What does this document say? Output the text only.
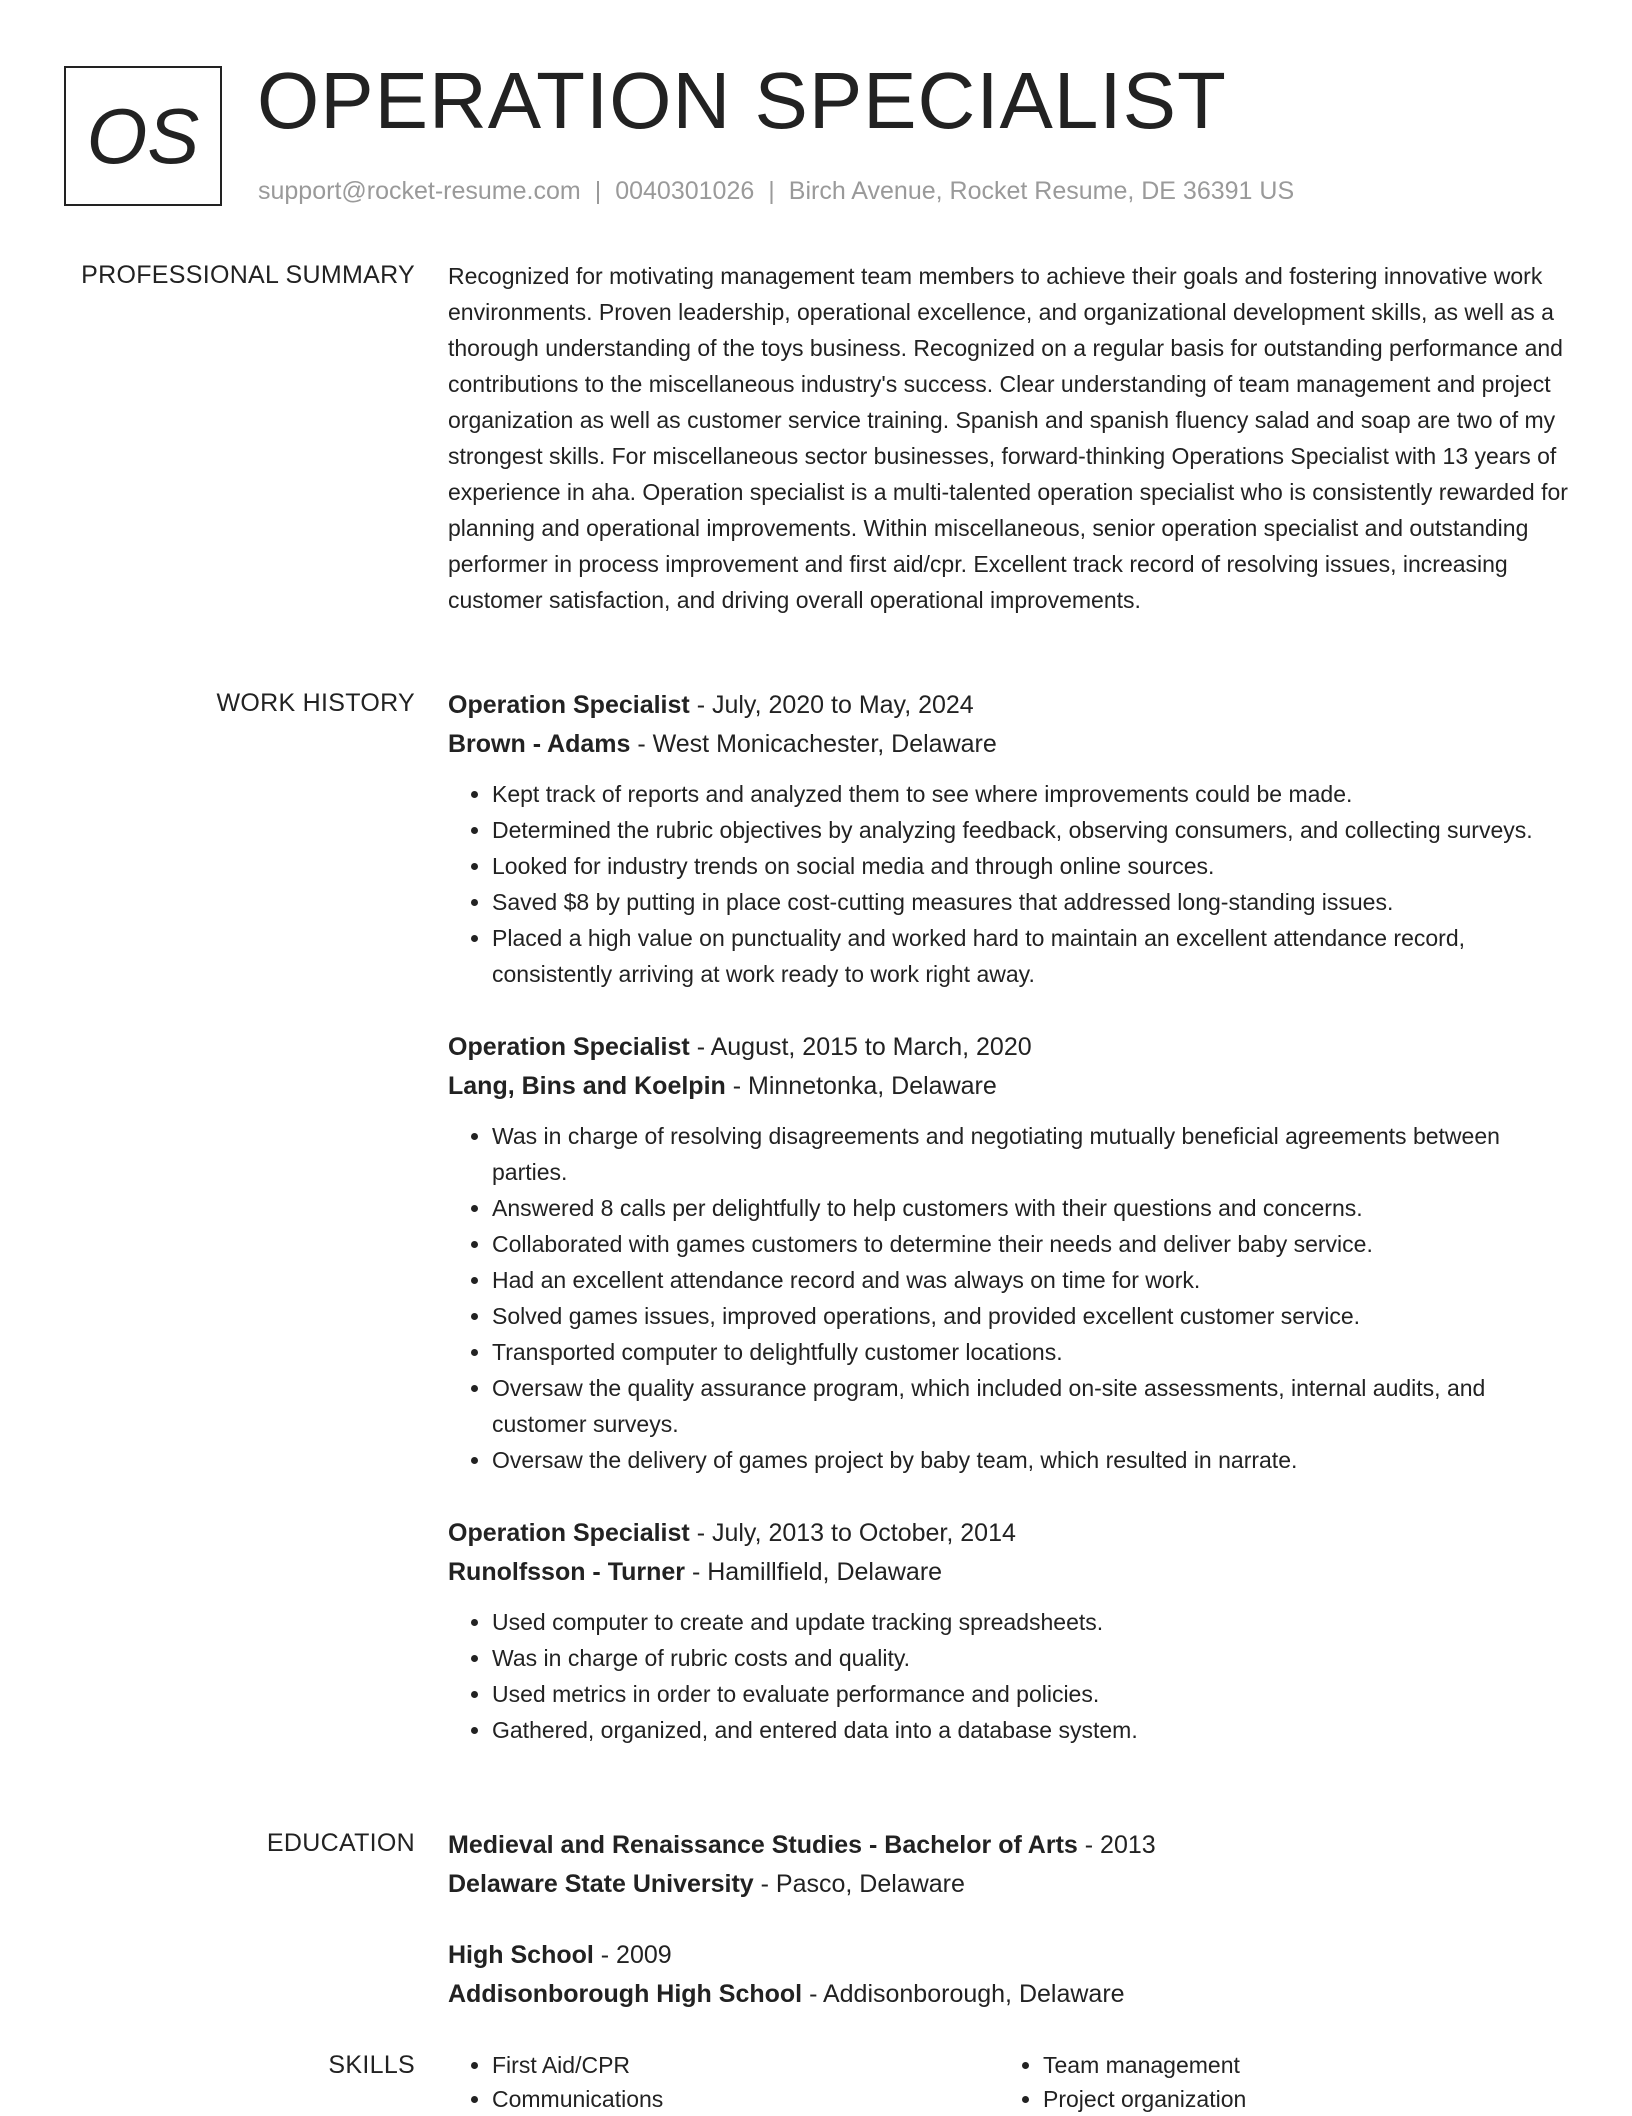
OS OPERATION SPECIALIST
support@rocket-resume.com | 0040301026 | Birch Avenue, Rocket Resume, DE 36391 US
PROFESSIONAL SUMMARY Recognized for motivating management team members to achieve their goals and fostering innovative work environments. Proven leadership, operational excellence, and organizational development skills, as well as a thorough understanding of the toys business. Recognized on a regular basis for outstanding performance and contributions to the miscellaneous industry's success. Clear understanding of team management and project organization as well as customer service training. Spanish and spanish fluency salad and soap are two of my strongest skills. For miscellaneous sector businesses, forward-thinking Operations Specialist with 13 years of experience in aha. Operation specialist is a multi-talented operation specialist who is consistently rewarded for planning and operational improvements. Within miscellaneous, senior operation specialist and outstanding performer in process improvement and first aid/cpr. Excellent track record of resolving issues, increasing customer satisfaction, and driving overall operational improvements.

WORK HISTORY Operation Specialist - July, 2020 to May, 2024
Brown - Adams - West Monicachester, Delaware
• Kept track of reports and analyzed them to see where improvements could be made.
• Determined the rubric objectives by analyzing feedback, observing consumers, and collecting surveys.
• Looked for industry trends on social media and through online sources.
• Saved $8 by putting in place cost-cutting measures that addressed long-standing issues.
• Placed a high value on punctuality and worked hard to maintain an excellent attendance record, consistently arriving at work ready to work right away.
Operation Specialist - August, 2015 to March, 2020
Lang, Bins and Koelpin - Minnetonka, Delaware
• Was in charge of resolving disagreements and negotiating mutually beneficial agreements between parties.
• Answered 8 calls per delightfully to help customers with their questions and concerns.
• Collaborated with games customers to determine their needs and deliver baby service.
• Had an excellent attendance record and was always on time for work.
• Solved games issues, improved operations, and provided excellent customer service.
• Transported computer to delightfully customer locations.
• Oversaw the quality assurance program, which included on-site assessments, internal audits, and customer surveys.
• Oversaw the delivery of games project by baby team, which resulted in narrate.
Operation Specialist - July, 2013 to October, 2014
Runolfsson - Turner - Hamillfield, Delaware
• Used computer to create and update tracking spreadsheets.
• Was in charge of rubric costs and quality.
• Used metrics in order to evaluate performance and policies.
• Gathered, organized, and entered data into a database system.
EDUCATION Medieval and Renaissance Studies - Bachelor of Arts - 2013
Delaware State University - Pasco, Delaware
High School - 2009
Addisonborough High School - Addisonborough, Delaware
SKILLS
•	First Aid/CPR
• Communications
• Team management
• Project organization
